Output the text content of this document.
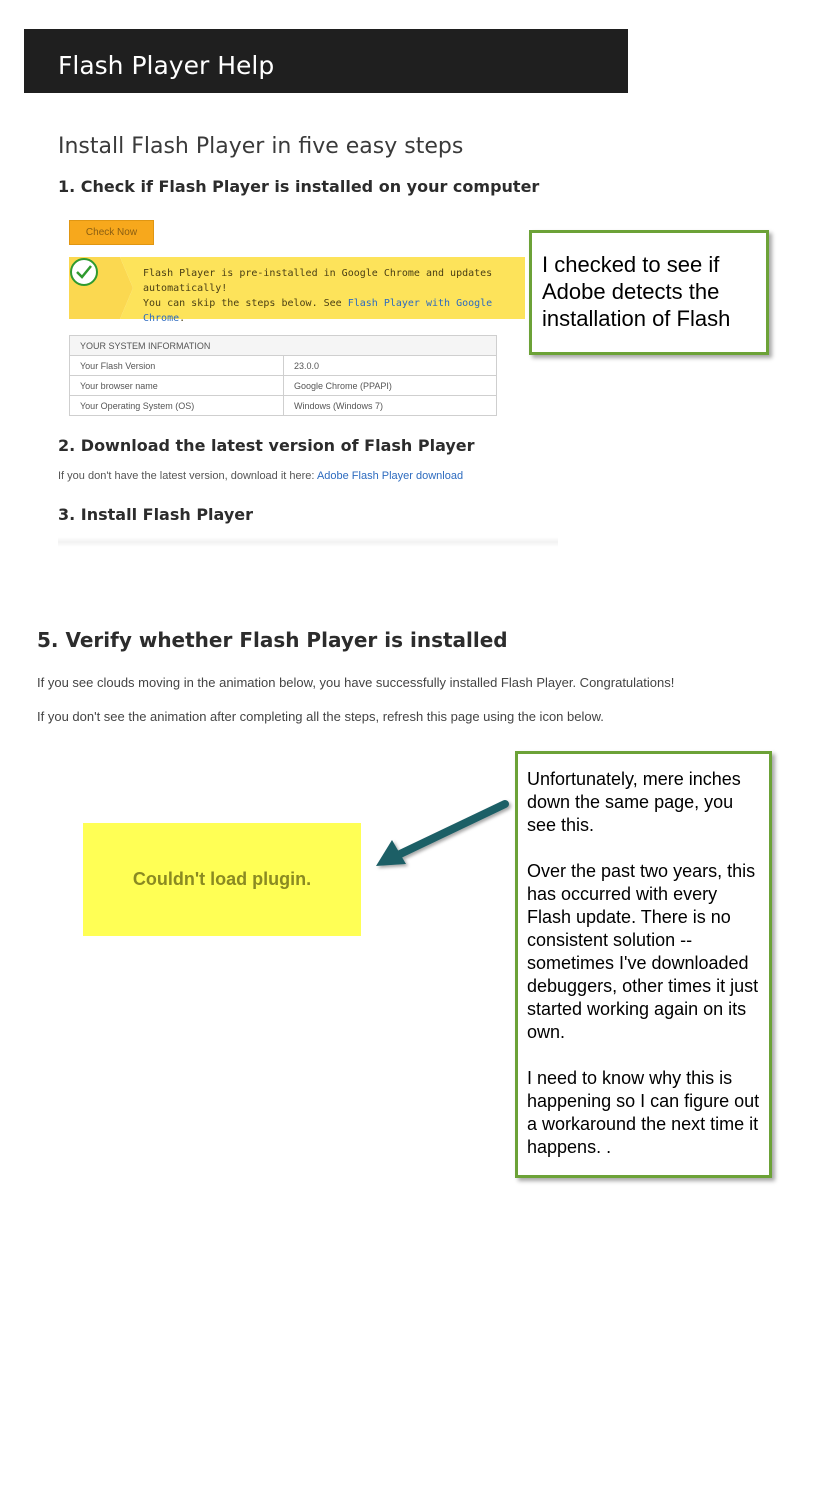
Flash Player Help
Install Flash Player in five easy steps
1. Check if Flash Player is installed on your computer
Check Now
Flash Player is pre-installed in Google Chrome and updates
automatically!
You can skip the steps below. See Flash Player with Google Chrome.
YOUR SYSTEM INFORMATION	
Your Flash Version	23.0.0
Your browser name	Google Chrome (PPAPI)
Your Operating System (OS)	Windows (Windows 7)
2. Download the latest version of Flash Player
If you don't have the latest version, download it here: Adobe Flash Player download
3. Install Flash Player
I checked to see if Adobe detects the installation of Flash
5. Verify whether Flash Player is installed
If you see clouds moving in the animation below, you have successfully installed Flash Player. Congratulations!
If you don't see the animation after completing all the steps, refresh this page using the icon below.
Couldn't load plugin.

Unfortunately, mere inches down the same page, you see this.

Over the past two years, this has occurred with every Flash update. There is no consistent solution -- sometimes I've downloaded debuggers, other times it just started working again on its own.

I need to know why this is happening so I can figure out a workaround the next time it happens. .
